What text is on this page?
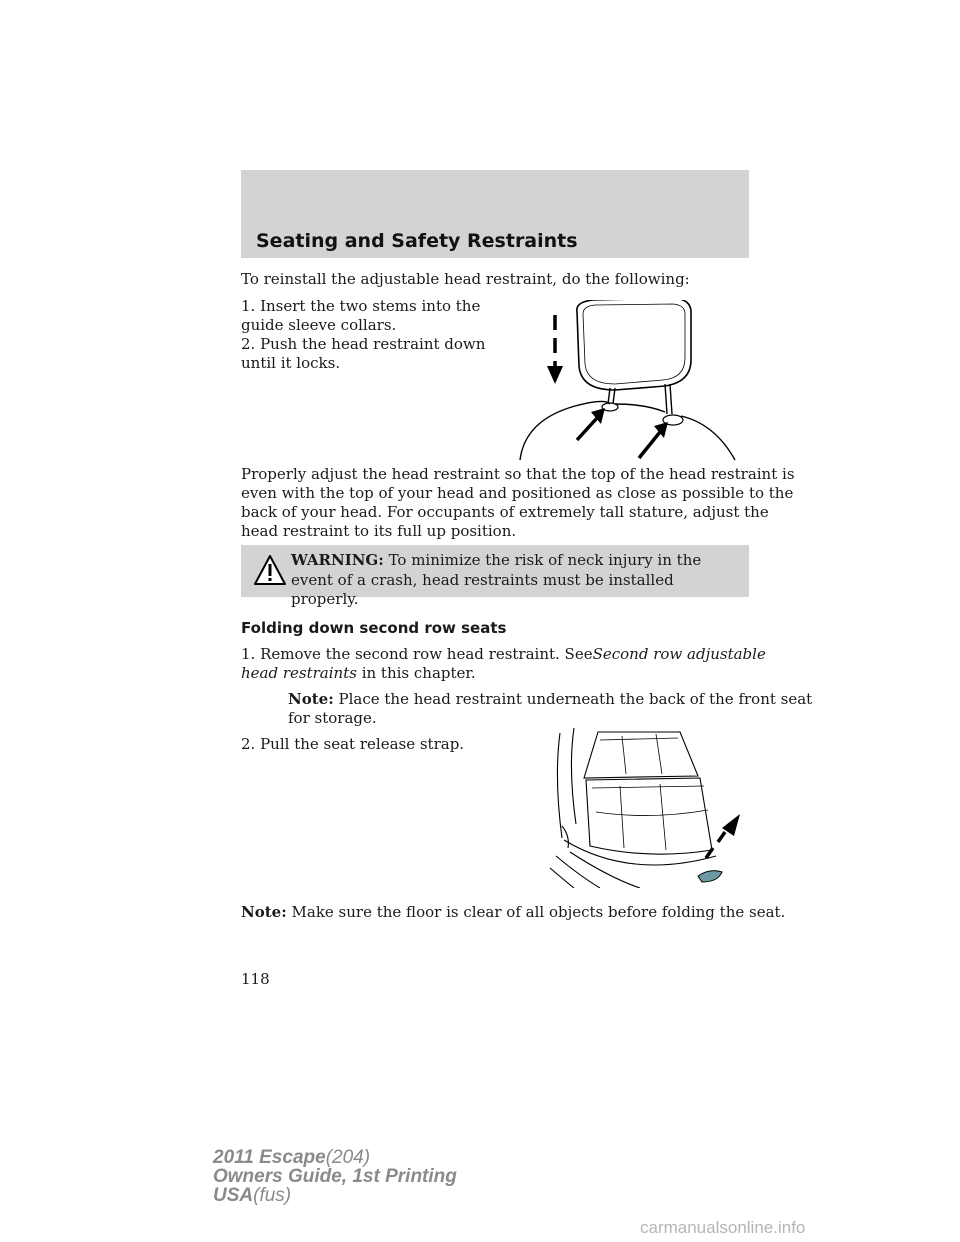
Seating and Safety Restraints
To reinstall the adjustable head restraint, do the following:
1. Insert the two stems into the
guide sleeve collars.
2. Push the head restraint down
until it locks.
Properly adjust the head restraint so that the top of the head restraint is
even with the top of your head and positioned as close as possible to the
back of your head. For occupants of extremely tall stature, adjust the
head restraint to its full up position.
WARNING: To minimize the risk of neck injury in the event of a crash, head restraints must be installed properly.
Folding down second row seats
1. Remove the second row head restraint. SeeSecond row adjustable
head restraints in this chapter.
Note: Place the head restraint underneath the back of the front seat
for storage.
2. Pull the seat release strap.
Note: Make sure the floor is clear of all objects before folding the seat.
118
2011 Escape(204)
Owners Guide, 1st Printing
USA(fus)
carmanualsonline.info
